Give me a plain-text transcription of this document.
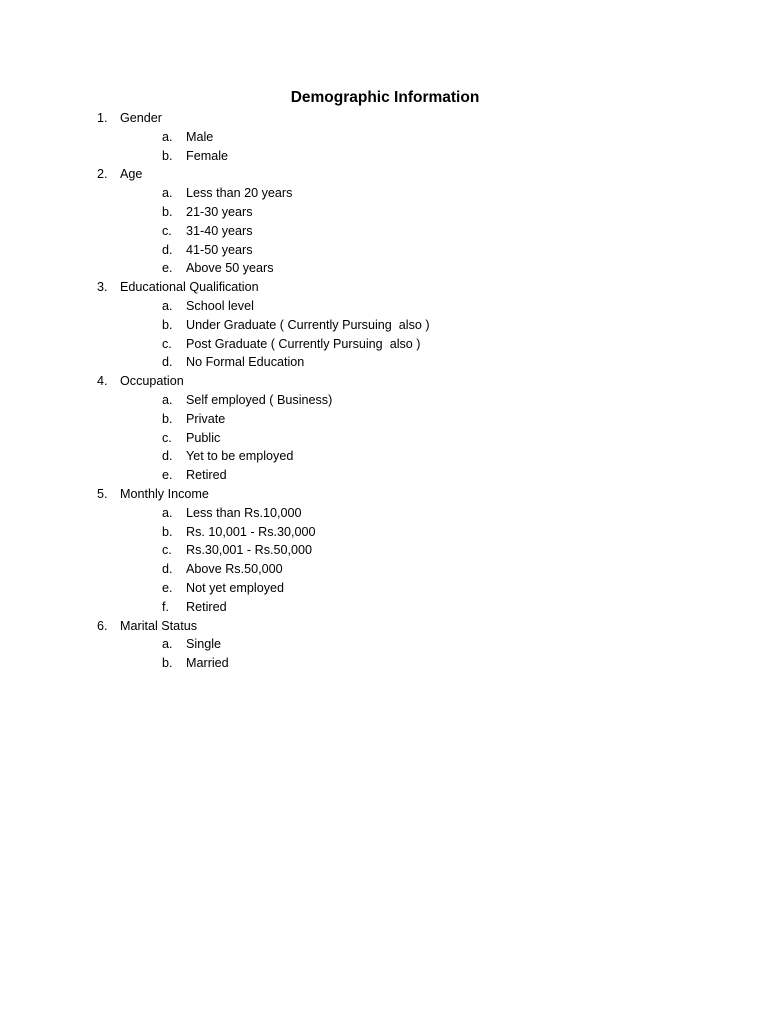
Demographic Information
1. Gender
a. Male
b. Female
2. Age
a. Less than 20 years
b. 21-30 years
c. 31-40 years
d. 41-50 years
e. Above 50 years
3. Educational Qualification
a. School level
b. Under Graduate ( Currently Pursuing  also )
c. Post Graduate ( Currently Pursuing  also )
d. No Formal Education
4. Occupation
a. Self employed ( Business)
b. Private
c. Public
d. Yet to be employed
e. Retired
5. Monthly Income
a. Less than Rs.10,000
b. Rs. 10,001 - Rs.30,000
c. Rs.30,001 - Rs.50,000
d. Above Rs.50,000
e. Not yet employed
f. Retired
6. Marital Status
a. Single
b. Married
